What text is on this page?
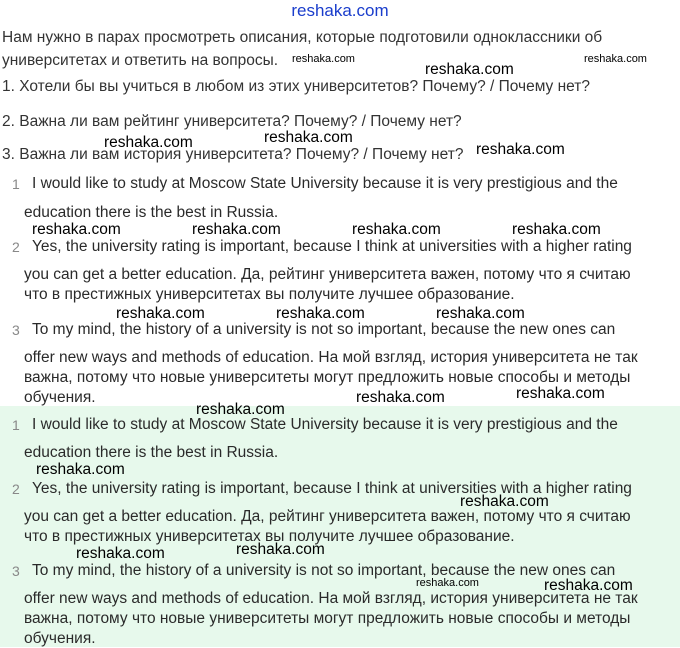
reshaka.com
Нам нужно в парах просмотреть описания, которые подготовили одноклассники об
университетах и ответить на вопросы.
1. Хотели бы вы учиться в любом из этих университетов? Почему? / Почему нет?
2. Важна ли вам рейтинг университета? Почему? / Почему нет?
3. Важна ли вам история университета? Почему? / Почему нет?
1 I would like to study at Moscow State University because it is very prestigious and the
education there is the best in Russia.
2 Yes, the university rating is important, because I think at universities with a higher rating
you can get a better education. Да, рейтинг университета важен, потому что я считаю
что в престижных университетах вы получите лучшее образование.
3 To my mind, the history of a university is not so important, because the new ones can
offer new ways and methods of education. На мой взгляд, история университета не так
важна, потому что новые университеты могут предложить новые способы и методы
обучения.
1 I would like to study at Moscow State University because it is very prestigious and the
education there is the best in Russia.
2 Yes, the university rating is important, because I think at universities with a higher rating
you can get a better education. Да, рейтинг университета важен, потому что я считаю
что в престижных университетах вы получите лучшее образование.
3 To my mind, the history of a university is not so important, because the new ones can
offer new ways and methods of education. На мой взгляд, история университета не так
важна, потому что новые университеты могут предложить новые способы и методы
обучения.
reshaka.com	reshaka.com
reshaka.com
reshaka.com	reshaka.com
reshaka.com
reshaka.com	reshaka.com	reshaka.com	reshaka.com
reshaka.com	reshaka.com	reshaka.com
reshaka.com
reshaka.com
reshaka.com
reshaka.com
reshaka.com
reshaka.com
reshaka.com
reshaka.com	reshaka.com
